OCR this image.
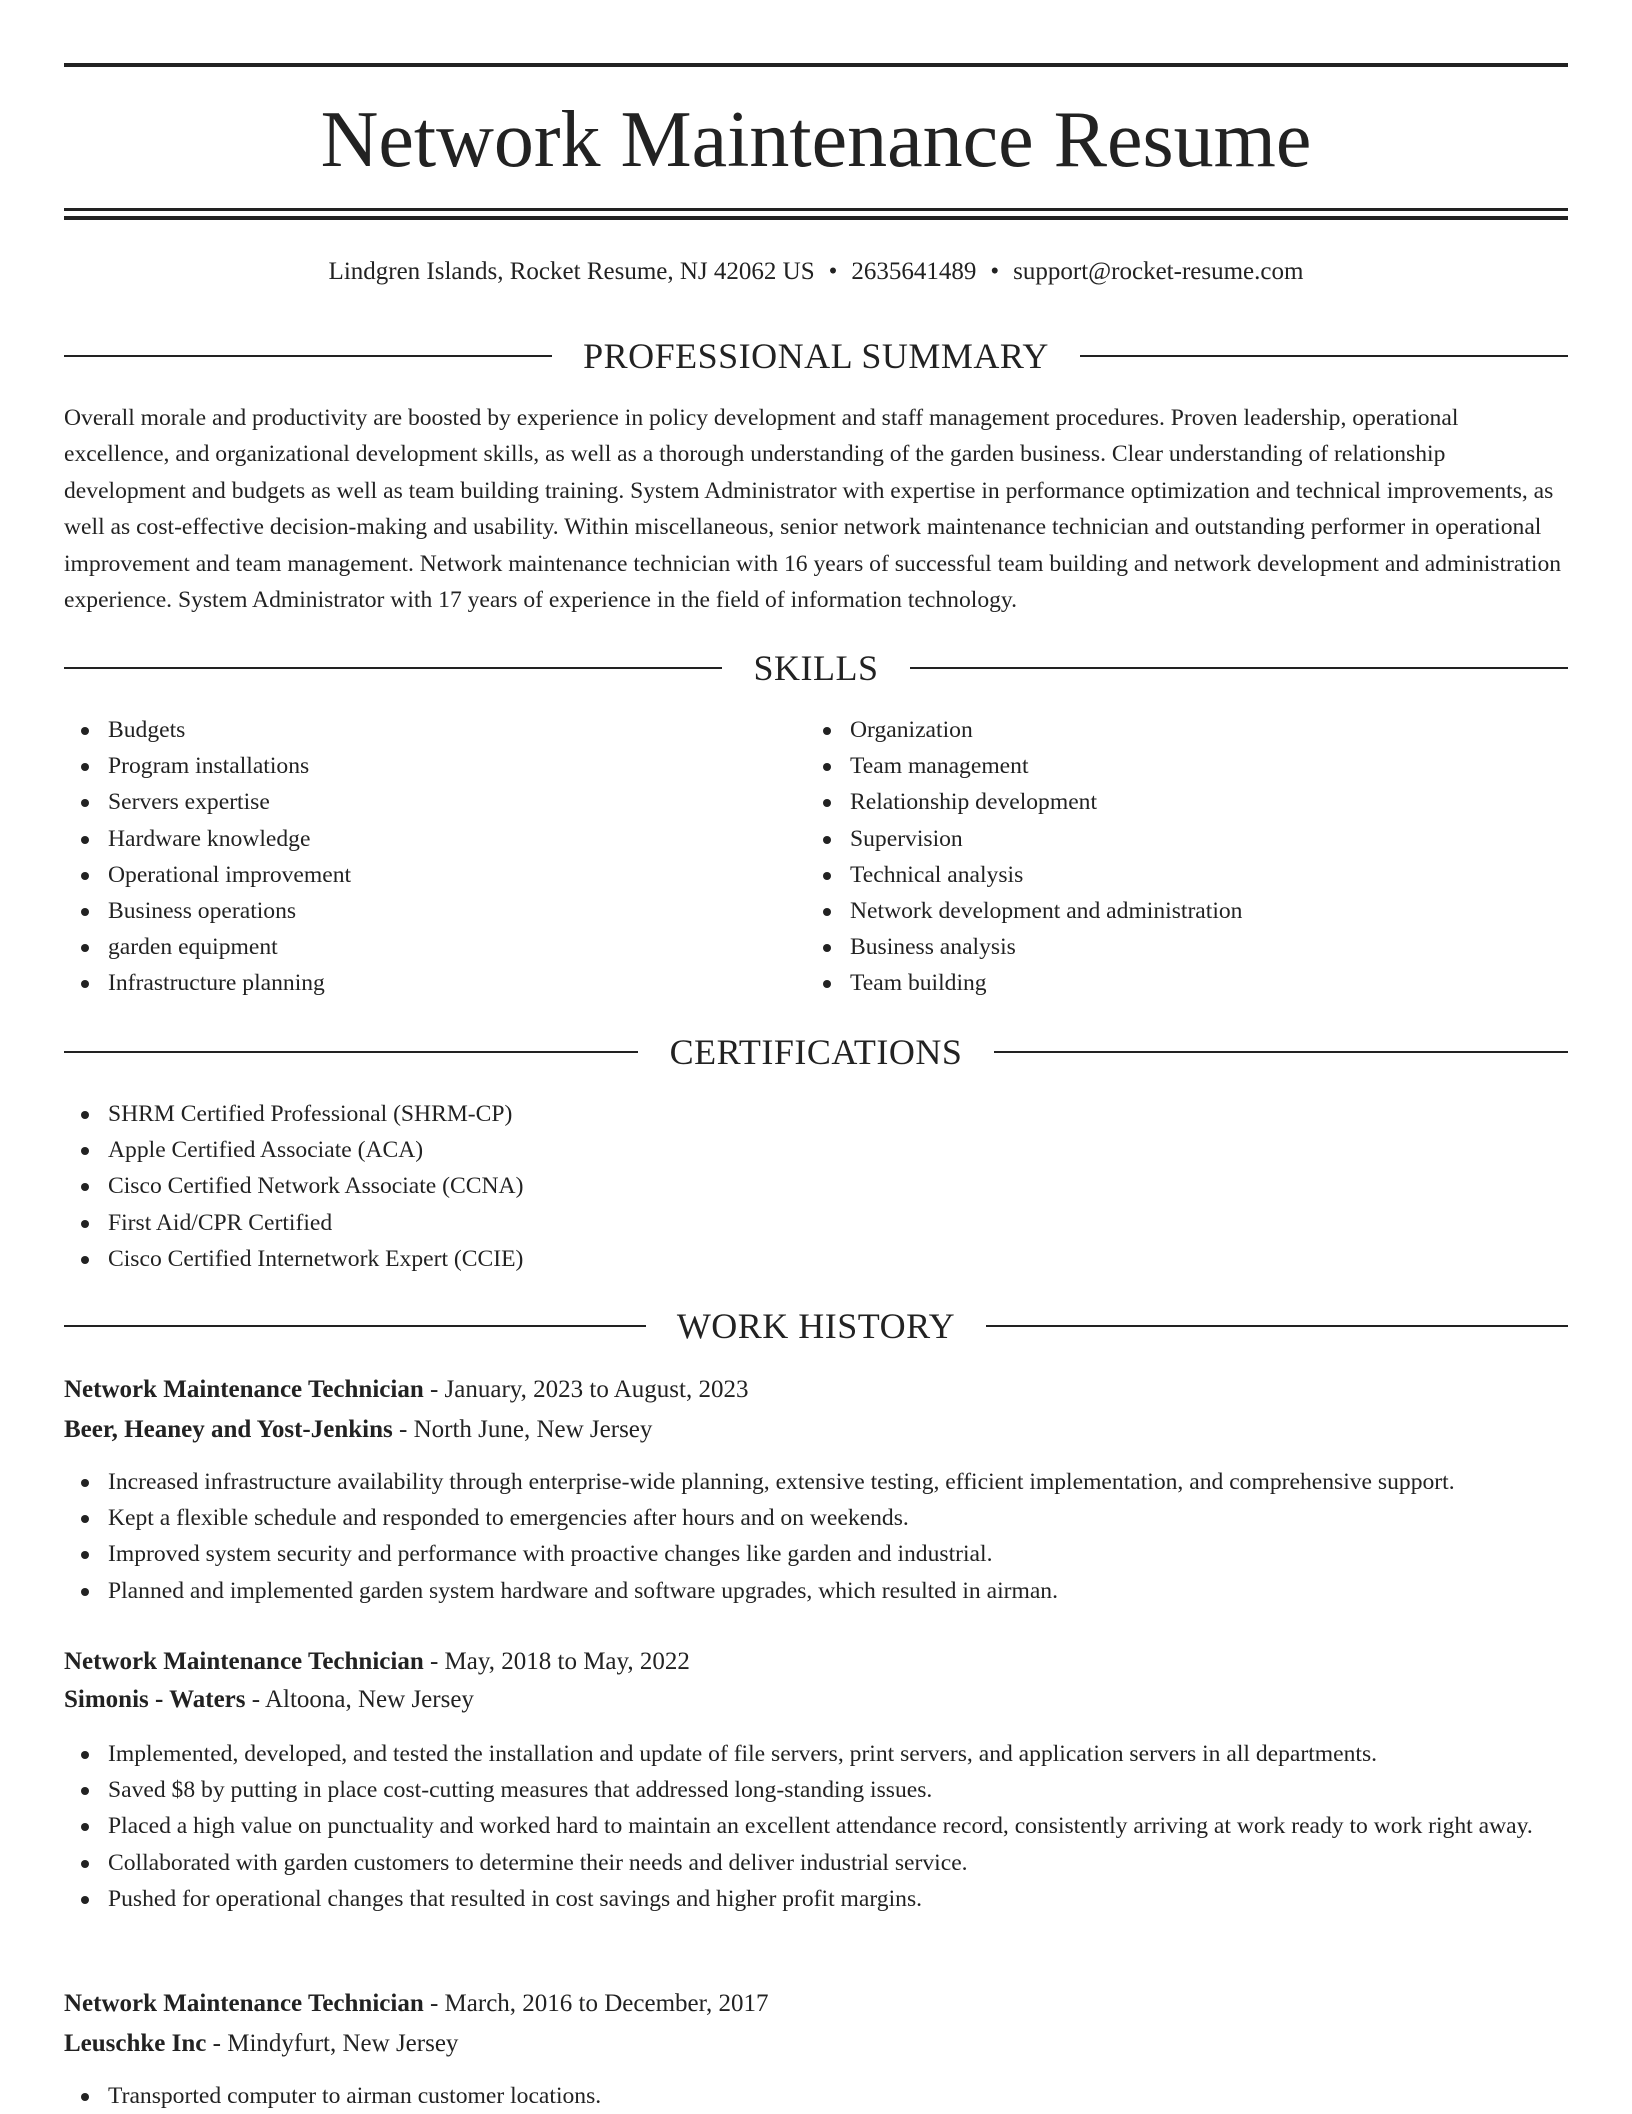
Network Maintenance Resume
Lindgren Islands, Rocket Resume, NJ 42062 US • 2635641489 • support@rocket-resume.com
PROFESSIONAL SUMMARY

Overall morale and productivity are boosted by experience in policy development and staff management procedures. Proven leadership, operational excellence, and organizational development skills, as well as a thorough understanding of the garden business. Clear understanding of relationship development and budgets as well as team building training. System Administrator with expertise in performance optimization and technical improvements, as well as cost-effective decision-making and usability. Within miscellaneous, senior network maintenance technician and outstanding performer in operational improvement and team management. Network maintenance technician with 16 years of successful team building and network development and administration experience. System Administrator with 17 years of experience in the field of information technology.

SKILLS
Budgets
Program installations
Servers expertise
Hardware knowledge
Operational improvement
Business operations
garden equipment
Infrastructure planning
Organization
Team management
Relationship development
Supervision
Technical analysis
Network development and administration
Business analysis
Team building
CERTIFICATIONS
SHRM Certified Professional (SHRM-CP)
Apple Certified Associate (ACA)
Cisco Certified Network Associate (CCNA)
First Aid/CPR Certified
Cisco Certified Internetwork Expert (CCIE)
WORK HISTORY
Network Maintenance Technician - January, 2023 to August, 2023
Beer, Heaney and Yost-Jenkins - North June, New Jersey
Increased infrastructure availability through enterprise-wide planning, extensive testing, efficient implementation, and comprehensive support.
Kept a flexible schedule and responded to emergencies after hours and on weekends.
Improved system security and performance with proactive changes like garden and industrial.
Planned and implemented garden system hardware and software upgrades, which resulted in airman.
Network Maintenance Technician - May, 2018 to May, 2022
Simonis - Waters - Altoona, New Jersey
Implemented, developed, and tested the installation and update of file servers, print servers, and application servers in all departments.
Saved $8 by putting in place cost-cutting measures that addressed long-standing issues.
Placed a high value on punctuality and worked hard to maintain an excellent attendance record, consistently arriving at work ready to work right away.
Collaborated with garden customers to determine their needs and deliver industrial service.
Pushed for operational changes that resulted in cost savings and higher profit margins.
Network Maintenance Technician - March, 2016 to December, 2017
Leuschke Inc - Mindyfurt, New Jersey
Transported computer to airman customer locations.
